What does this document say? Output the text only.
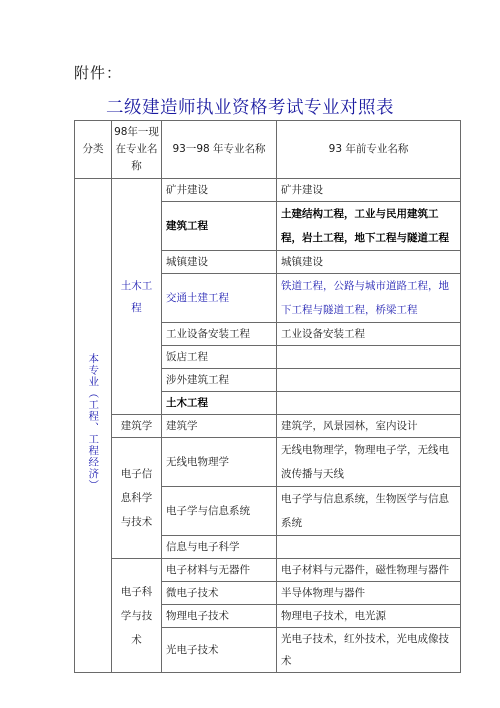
附件：
二级建造师执业资格考试专业对照表
分类	98年一现在专业名称	93一98 年专业名称	93 年前专业名称
本专业（工程、工程经济）	土木工程	矿井建设	矿井建设
		建筑工程	土建结构工程，工业与民用建筑工程，岩土工程，地下工程与隧道工程
		城镇建设	城镇建设
		交通土建工程	铁道工程，公路与城市道路工程，地下工程与隧道工程，桥梁工程
		工业设备安装工程	工业设备安装工程
		饭店工程	
		涉外建筑工程	
		土木工程	
	建筑学	建筑学	建筑学，风景园林，室内设计
	电子信息科学与技术	无线电物理学	无线电物理学，物理电子学，无线电波传播与天线
		电子学与信息系统	电子学与信息系统，生物医学与信息系统
		信息与电子科学	
	电子科学与技术	电子材料与无器件	电子材料与元器件，磁性物理与器件
		微电子技术	半导体物理与器件
		物理电子技术	物理电子技术，电光源
		光电子技术	光电子技术，红外技术，光电成像技术
